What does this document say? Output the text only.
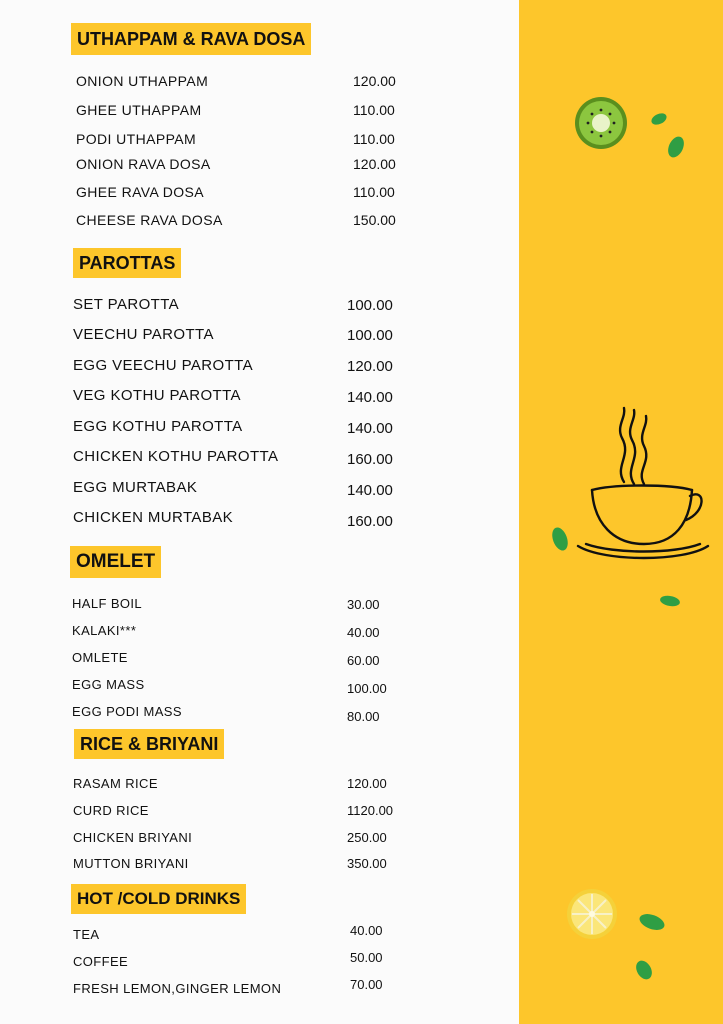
UTHAPPAM & RAVA DOSA
ONION UTHAPPAM	120.00
GHEE UTHAPPAM	110.00
PODI UTHAPPAM	110.00
ONION RAVA DOSA	120.00
GHEE RAVA DOSA	110.00
CHEESE RAVA DOSA	150.00
PAROTTAS
SET PAROTTA	100.00
VEECHU PAROTTA	100.00
EGG VEECHU PAROTTA	120.00
VEG KOTHU PAROTTA	140.00
EGG KOTHU PAROTTA	140.00
CHICKEN KOTHU PAROTTA	160.00
EGG MURTABAK	140.00
CHICKEN MURTABAK	160.00
OMELET
HALF BOIL	30.00
KALAKI***	40.00
OMLETE	60.00
EGG MASS	100.00
EGG PODI MASS	80.00
RICE & BRIYANI
RASAM RICE	120.00
CURD RICE	1120.00
CHICKEN BRIYANI	250.00
MUTTON BRIYANI	350.00
HOT /COLD DRINKS
TEA	40.00
COFFEE	50.00
FRESH LEMON,GINGER LEMON	70.00
